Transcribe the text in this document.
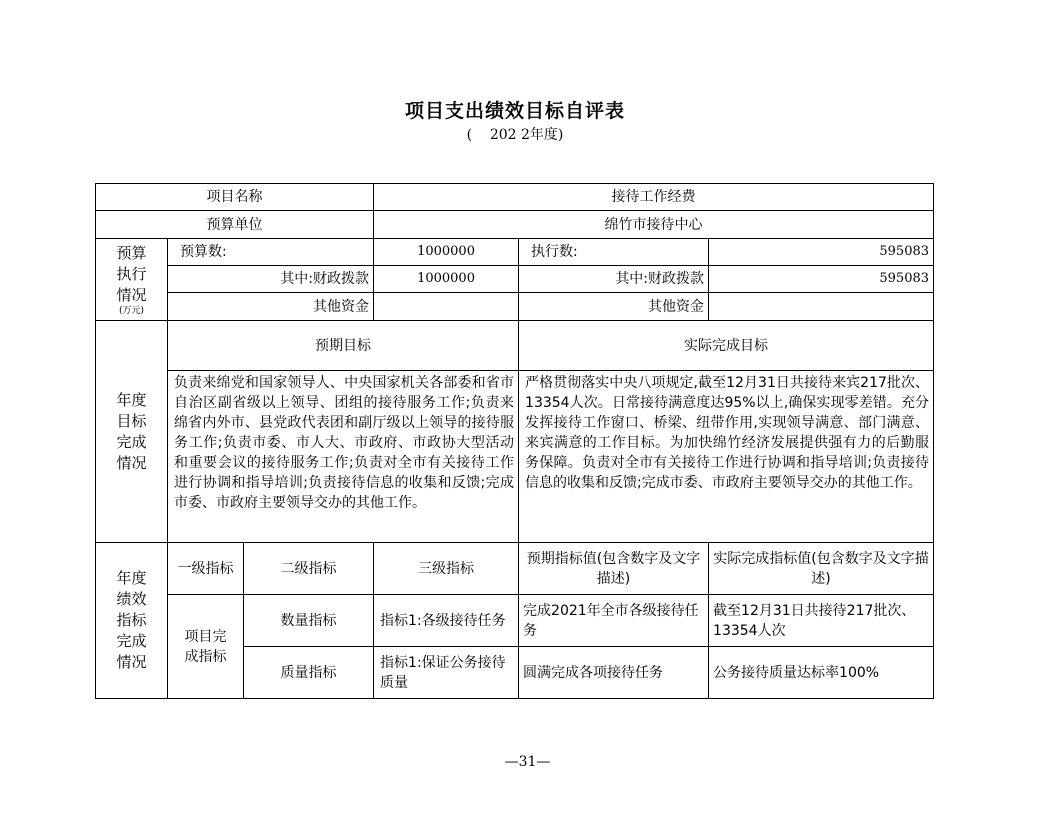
项目支出绩效目标自评表
(    202 2年度)
项目名称			接待工作经费		
预算单位			绵竹市接待中心		

预算
执行
情况
(万元)	预算数:		1000000	执行数:	595083
	其中:财政拨款		1000000	其中:财政拨款	595083
	其他资金			其他资金	

年度
目标
完成
情况	预期目标			实际完成目标	
	负责来绵党和国家领导人、中央国家机关各部委和省市自治区副省级以上领导、团组的接待服务工作;负责来绵省内外市、县党政代表团和副厅级以上领导的接待服务工作;负责市委、市人大、市政府、市政协大型活动和重要会议的接待服务工作;负责对全市有关接待工作进行协调和指导培训;负责接待信息的收集和反馈;完成市委、市政府主要领导交办的其他工作。			严格贯彻落实中央八项规定,截至12月31日共接待来宾217批次、13354人次。日常接待满意度达95%以上,确保实现零差错。充分发挥接待工作窗口、桥梁、纽带作用,实现领导满意、部门满意、来宾满意的工作目标。为加快绵竹经济发展提供强有力的后勤服务保障。负责对全市有关接待工作进行协调和指导培训;负责接待信息的收集和反馈;完成市委、市政府主要领导交办的其他工作。	

年度
绩效
指标
完成
情况	一级指标	二级指标	三级指标	预期指标值(包含数字及文字描述)	实际完成指标值(包含数字及文字描述)
	项目完成指标	数量指标	指标1:各级接待任务	完成2021年全市各级接待任务	截至12月31日共接待217批次、13354人次
		质量指标	指标1:保证公务接待质量	圆满完成各项接待任务	公务接待质量达标率100%
—31—
